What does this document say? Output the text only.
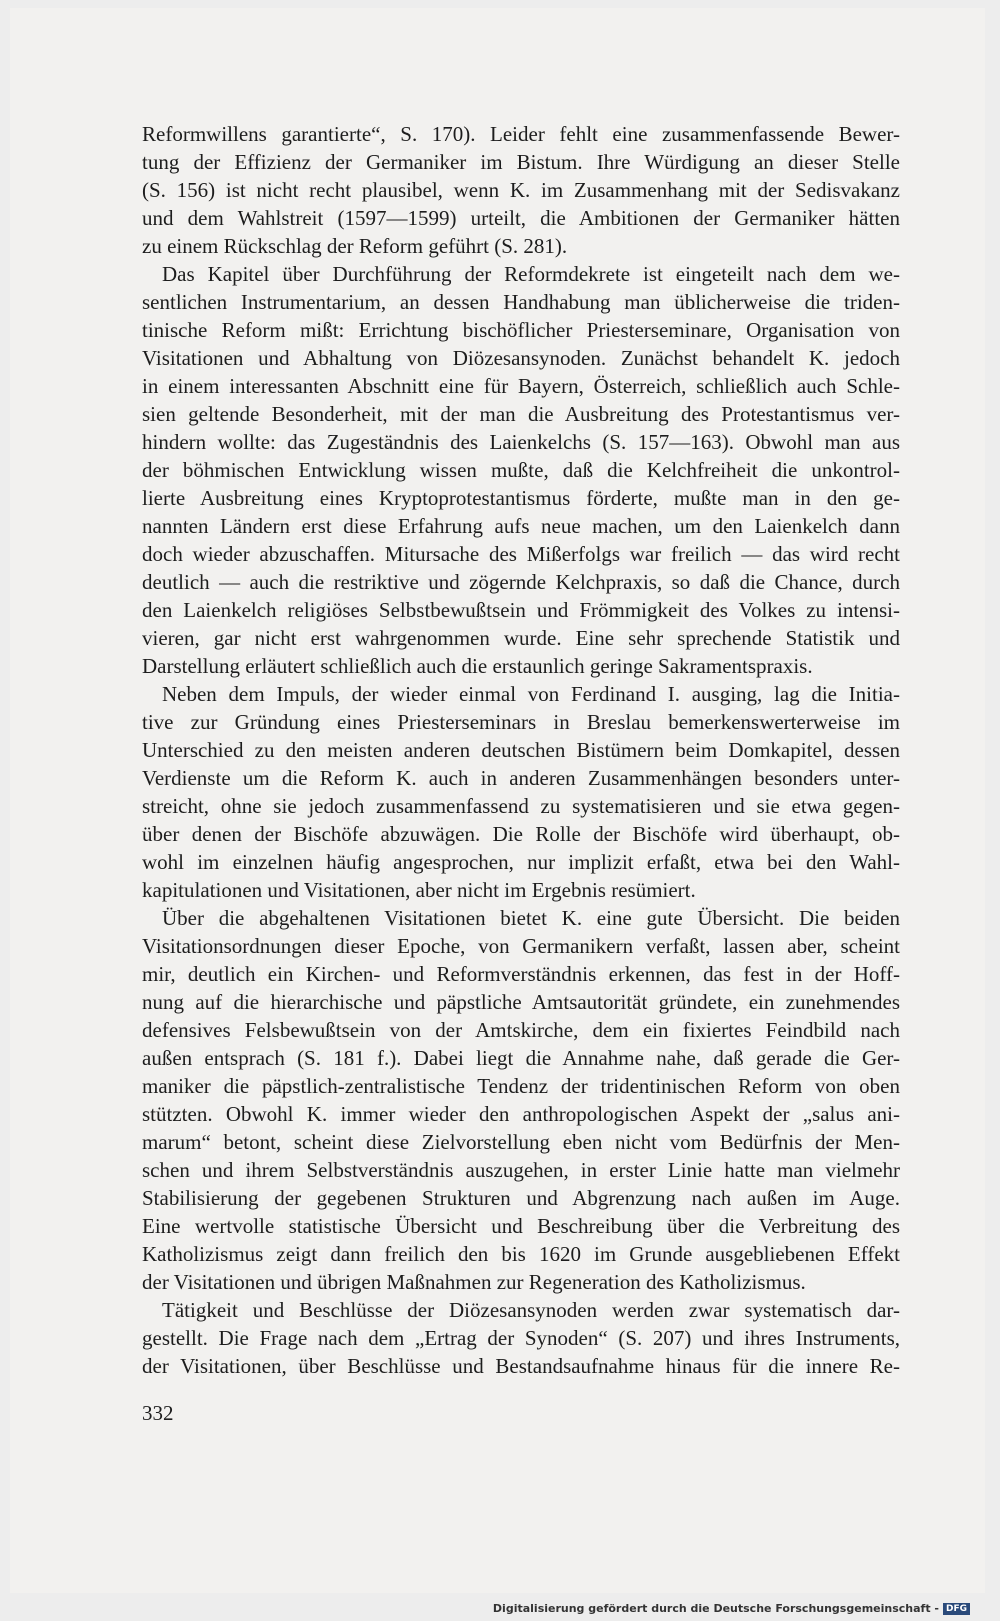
Reformwillens garantierte“, S. 170). Leider fehlt eine zusammenfassende Bewer-
tung der Effizienz der Germaniker im Bistum. Ihre Würdigung an dieser Stelle
(S. 156) ist nicht recht plausibel, wenn K. im Zusammenhang mit der Sedisvakanz
und dem Wahlstreit (1597—1599) urteilt, die Ambitionen der Germaniker hätten
zu einem Rückschlag der Reform geführt (S. 281).
Das Kapitel über Durchführung der Reformdekrete ist eingeteilt nach dem we-
sentlichen Instrumentarium, an dessen Handhabung man üblicherweise die triden-
tinische Reform mißt: Errichtung bischöflicher Priesterseminare, Organisation von
Visitationen und Abhaltung von Diözesansynoden. Zunächst behandelt K. jedoch
in einem interessanten Abschnitt eine für Bayern, Österreich, schließlich auch Schle-
sien geltende Besonderheit, mit der man die Ausbreitung des Protestantismus ver-
hindern wollte: das Zugeständnis des Laienkelchs (S. 157—163). Obwohl man aus
der böhmischen Entwicklung wissen mußte, daß die Kelchfreiheit die unkontrol-
lierte Ausbreitung eines Kryptoprotestantismus förderte, mußte man in den ge-
nannten Ländern erst diese Erfahrung aufs neue machen, um den Laienkelch dann
doch wieder abzuschaffen. Mitursache des Mißerfolgs war freilich — das wird recht
deutlich — auch die restriktive und zögernde Kelchpraxis, so daß die Chance, durch
den Laienkelch religiöses Selbstbewußtsein und Frömmigkeit des Volkes zu intensi-
vieren, gar nicht erst wahrgenommen wurde. Eine sehr sprechende Statistik und
Darstellung erläutert schließlich auch die erstaunlich geringe Sakramentspraxis.
Neben dem Impuls, der wieder einmal von Ferdinand I. ausging, lag die Initia-
tive zur Gründung eines Priesterseminars in Breslau bemerkenswerterweise im
Unterschied zu den meisten anderen deutschen Bistümern beim Domkapitel, dessen
Verdienste um die Reform K. auch in anderen Zusammenhängen besonders unter-
streicht, ohne sie jedoch zusammenfassend zu systematisieren und sie etwa gegen-
über denen der Bischöfe abzuwägen. Die Rolle der Bischöfe wird überhaupt, ob-
wohl im einzelnen häufig angesprochen, nur implizit erfaßt, etwa bei den Wahl-
kapitulationen und Visitationen, aber nicht im Ergebnis resümiert.
Über die abgehaltenen Visitationen bietet K. eine gute Übersicht. Die beiden
Visitationsordnungen dieser Epoche, von Germanikern verfaßt, lassen aber, scheint
mir, deutlich ein Kirchen- und Reformverständnis erkennen, das fest in der Hoff-
nung auf die hierarchische und päpstliche Amtsautorität gründete, ein zunehmendes
defensives Felsbewußtsein von der Amtskirche, dem ein fixiertes Feindbild nach
außen entsprach (S. 181 f.). Dabei liegt die Annahme nahe, daß gerade die Ger-
maniker die päpstlich-zentralistische Tendenz der tridentinischen Reform von oben
stützten. Obwohl K. immer wieder den anthropologischen Aspekt der „salus ani-
marum“ betont, scheint diese Zielvorstellung eben nicht vom Bedürfnis der Men-
schen und ihrem Selbstverständnis auszugehen, in erster Linie hatte man vielmehr
Stabilisierung der gegebenen Strukturen und Abgrenzung nach außen im Auge.
Eine wertvolle statistische Übersicht und Beschreibung über die Verbreitung des
Katholizismus zeigt dann freilich den bis 1620 im Grunde ausgebliebenen Effekt
der Visitationen und übrigen Maßnahmen zur Regeneration des Katholizismus.
Tätigkeit und Beschlüsse der Diözesansynoden werden zwar systematisch dar-
gestellt. Die Frage nach dem „Ertrag der Synoden“ (S. 207) und ihres Instruments,
der Visitationen, über Beschlüsse und Bestandsaufnahme hinaus für die innere Re-
332
Digitalisierung gefördert durch die Deutsche Forschungsgemeinschaft - DFG
